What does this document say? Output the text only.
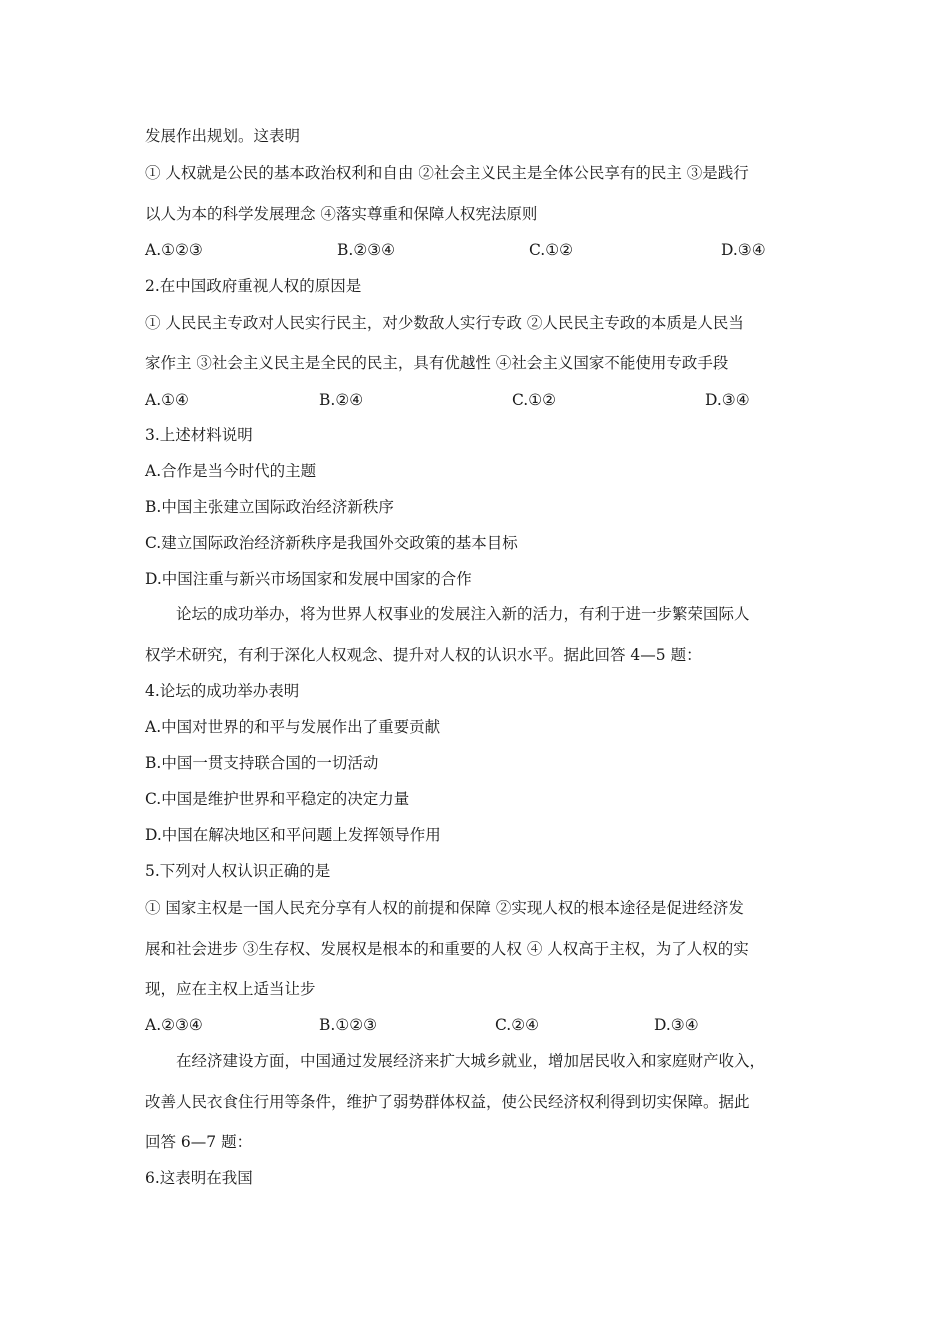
发展作出规划。这表明
① 人权就是公民的基本政治权利和自由 ②社会主义民主是全体公民享有的民主 ③是践行
以人为本的科学发展理念 ④落实尊重和保障人权宪法原则
A.①②③	B.②③④	C.①②	D.③④
2.在中国政府重视人权的原因是
① 人民民主专政对人民实行民主，对少数敌人实行专政 ②人民民主专政的本质是人民当
家作主 ③社会主义民主是全民的民主，具有优越性 ④社会主义国家不能使用专政手段
A.①④	B.②④	C.①②	D.③④
3.上述材料说明
A.合作是当今时代的主题
B.中国主张建立国际政治经济新秩序
C.建立国际政治经济新秩序是我国外交政策的基本目标
D.中国注重与新兴市场国家和发展中国家的合作
论坛的成功举办，将为世界人权事业的发展注入新的活力，有利于进一步繁荣国际人
权学术研究，有利于深化人权观念、提升对人权的认识水平。据此回答 4—5 题：
4.论坛的成功举办表明
A.中国对世界的和平与发展作出了重要贡献
B.中国一贯支持联合国的一切活动
C.中国是维护世界和平稳定的决定力量
D.中国在解决地区和平问题上发挥领导作用
5.下列对人权认识正确的是
① 国家主权是一国人民充分享有人权的前提和保障 ②实现人权的根本途径是促进经济发
展和社会进步 ③生存权、发展权是根本的和重要的人权 ④ 人权高于主权，为了人权的实
现，应在主权上适当让步
A.②③④	B.①②③	C.②④	D.③④
在经济建设方面，中国通过发展经济来扩大城乡就业，增加居民收入和家庭财产收入，
改善人民衣食住行用等条件，维护了弱势群体权益，使公民经济权利得到切实保障。据此
回答 6—7 题：
6.这表明在我国
